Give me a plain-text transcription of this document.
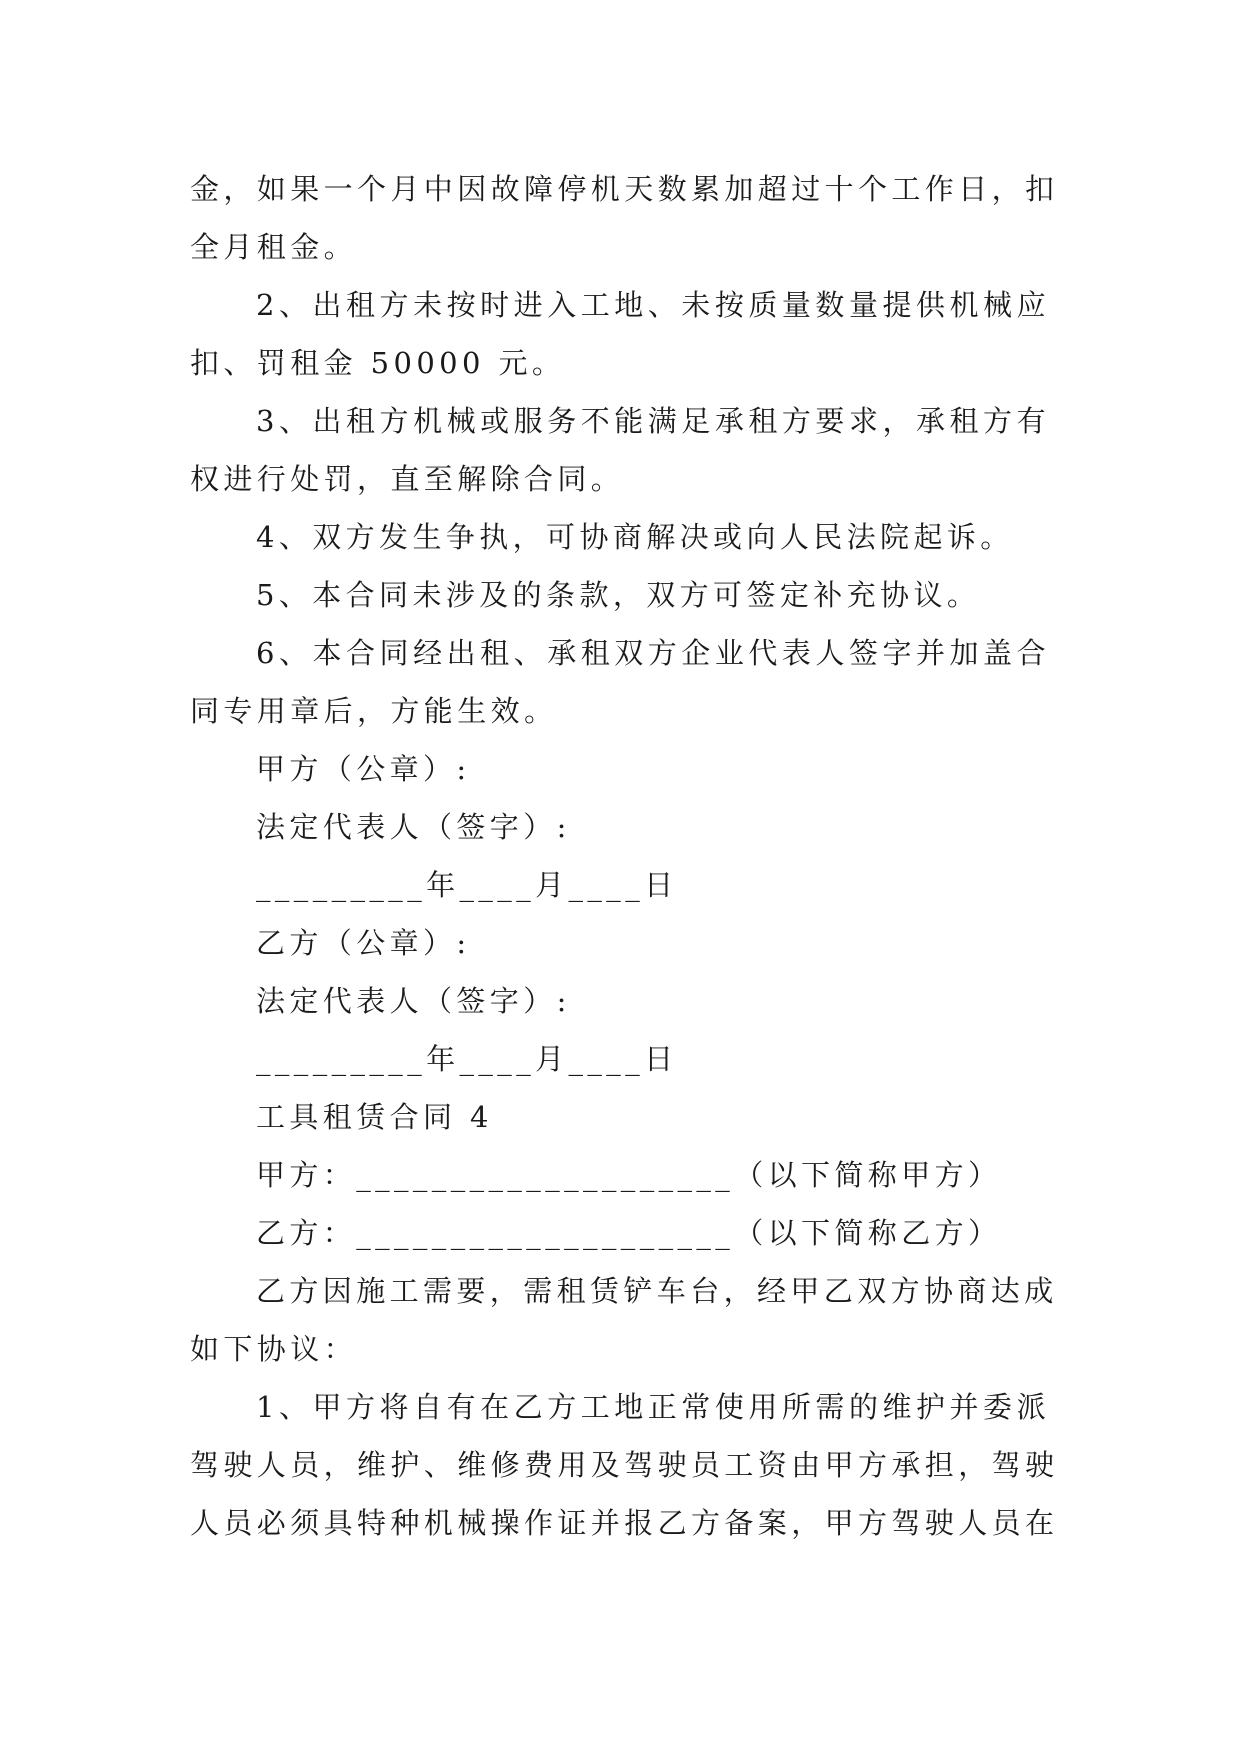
金，如果一个月中因故障停机天数累加超过十个工作日，扣
全月租金。
2、出租方未按时进入工地、未按质量数量提供机械应
扣、罚租金 50000 元。
3、出租方机械或服务不能满足承租方要求，承租方有
权进行处罚，直至解除合同。
4、双方发生争执，可协商解决或向人民法院起诉。
5、本合同未涉及的条款，双方可签定补充协议。
6、本合同经出租、承租双方企业代表人签字并加盖合
同专用章后，方能生效。
甲方（公章）:
法定代表人（签字）:
_________年____月____日
乙方（公章）:
法定代表人（签字）:
_________年____月____日
工具租赁合同 4
甲方：____________________（以下简称甲方）
乙方：____________________（以下简称乙方）
乙方因施工需要，需租赁铲车台，经甲乙双方协商达成
如下协议：
1、甲方将自有在乙方工地正常使用所需的维护并委派
驾驶人员，维护、维修费用及驾驶员工资由甲方承担，驾驶
人员必须具特种机械操作证并报乙方备案，甲方驾驶人员在
